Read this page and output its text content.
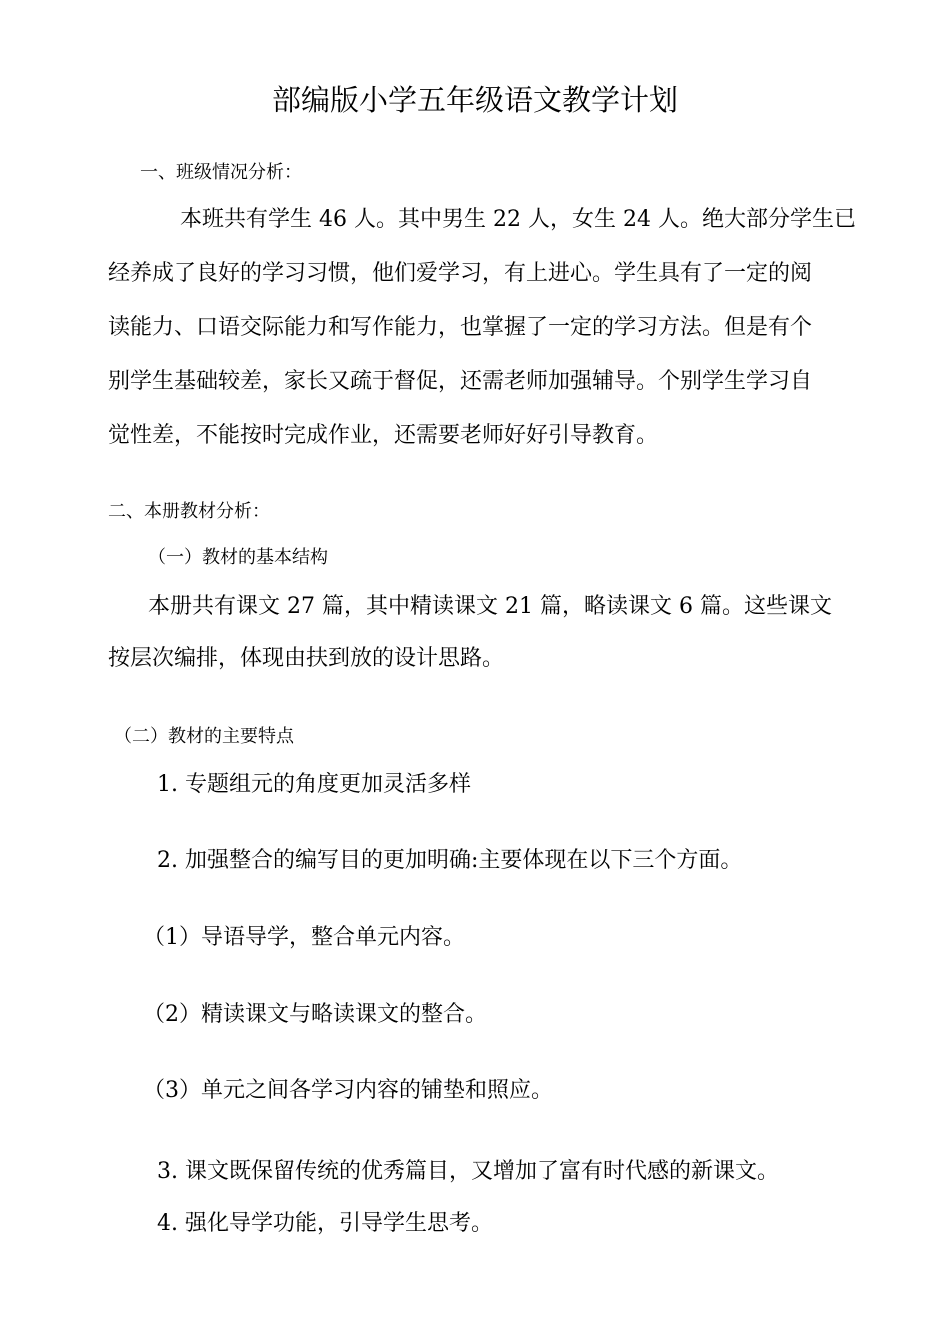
部编版小学五年级语文教学计划
一、班级情况分析：
本班共有学生 46 人。其中男生 22 人，女生 24 人。绝大部分学生已
经养成了良好的学习习惯，他们爱学习，有上进心。学生具有了一定的阅
读能力、口语交际能力和写作能力，也掌握了一定的学习方法。但是有个
别学生基础较差，家长又疏于督促，还需老师加强辅导。个别学生学习自
觉性差，不能按时完成作业，还需要老师好好引导教育。
二、本册教材分析：
（一）教材的基本结构
本册共有课文 27 篇，其中精读课文 21 篇，略读课文 6 篇。这些课文
按层次编排，体现由扶到放的设计思路。
（二）教材的主要特点
1. 专题组元的角度更加灵活多样
2. 加强整合的编写目的更加明确:主要体现在以下三个方面。
（1）导语导学，整合单元内容。
（2）精读课文与略读课文的整合。
（3）单元之间各学习内容的铺垫和照应。
3. 课文既保留传统的优秀篇目，又增加了富有时代感的新课文。
4. 强化导学功能，引导学生思考。
